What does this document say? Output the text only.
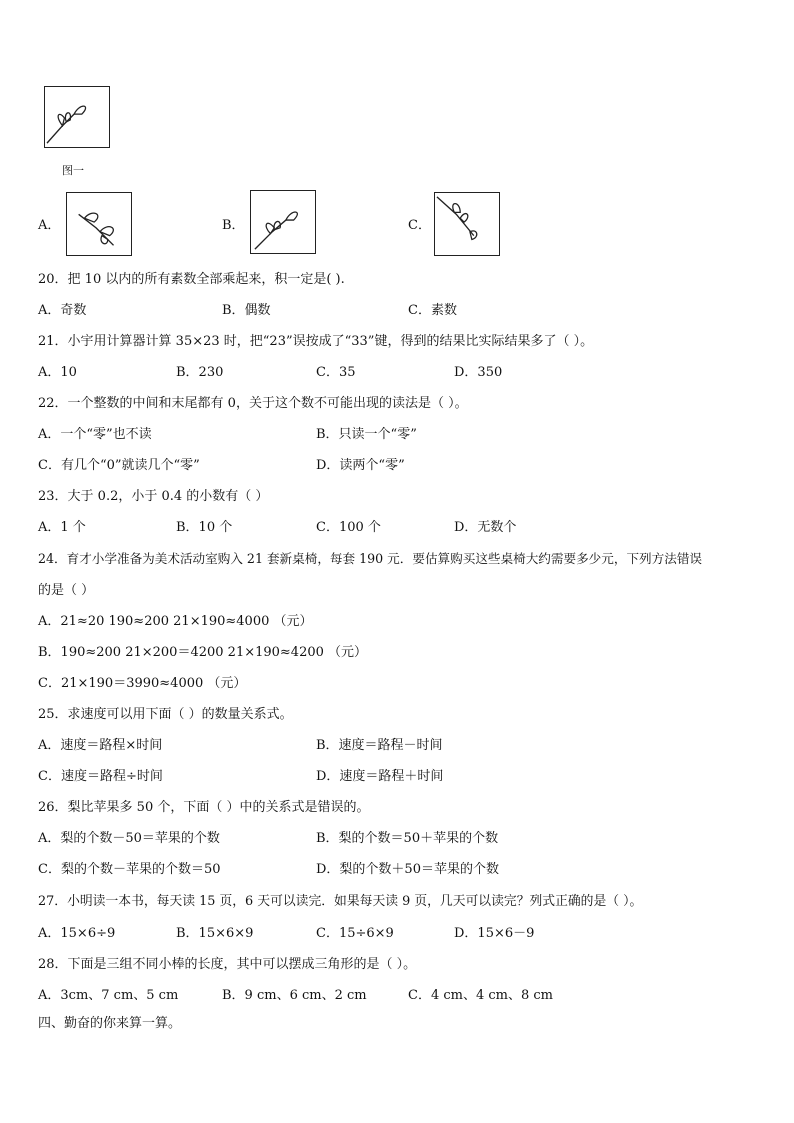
图一
A．	B．	C．
20．把 10 以内的所有素数全部乘起来，积一定是( ).
A．奇数	B．偶数	C．素数
21．小宇用计算器计算 35×23 时，把“23”误按成了“33”键，得到的结果比实际结果多了（ ）。
A．10	B．230	C．35	D．350
22．一个整数的中间和末尾都有 0，关于这个数不可能出现的读法是（ ）。
A．一个“零”也不读	B．只读一个“零”
C．有几个“0”就读几个“零”	D．读两个“零”
23．大于 0.2，小于 0.4 的小数有（ ）
A．1 个	B．10 个	C．100 个	D．无数个
24．育才小学准备为美术活动室购入 21 套新桌椅，每套 190 元．要估算购买这些桌椅大约需要多少元，下列方法错误
的是（ ）
A．21≈20 190≈200 21×190≈4000 （元）
B．190≈200 21×200＝4200 21×190≈4200 （元）
C．21×190＝3990≈4000 （元）
25．求速度可以用下面（ ）的数量关系式。
A．速度＝路程×时间	B．速度＝路程－时间
C．速度＝路程÷时间	D．速度＝路程＋时间
26．梨比苹果多 50 个，下面（ ）中的关系式是错误的。
A．梨的个数－50＝苹果的个数	B．梨的个数＝50＋苹果的个数
C．梨的个数－苹果的个数＝50	D．梨的个数＋50＝苹果的个数
27．小明读一本书，每天读 15 页，6 天可以读完．如果每天读 9 页，几天可以读完？列式正确的是（ ）。
A．15×6÷9	B．15×6×9	C．15÷6×9	D．15×6－9
28．下面是三组不同小棒的长度，其中可以摆成三角形的是（ ）。
A．3cm、7 cm、5 cm	B．9 cm、6 cm、2 cm	C．4 cm、4 cm、8 cm
四、勤奋的你来算一算。
